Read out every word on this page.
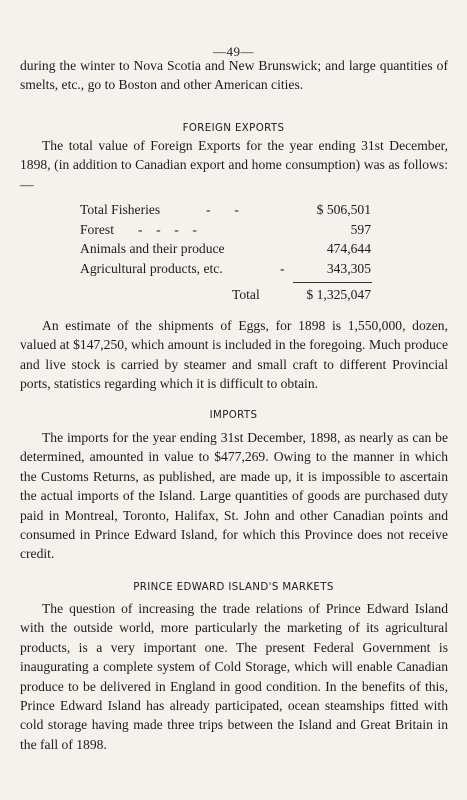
—49—

during the winter to Nova Scotia and New Brunswick; and large quantities of smelts, etc., go to Boston and other American cities.

FOREIGN EXPORTS

The total value of Foreign Exports for the year ending 31st December, 1898, (in addition to Canadian export and home consumption) was as follows:—

Total Fisheries	-       -	$ 506,501
Forest -    -    -    -	597
Animals and their produce	474,644
Agricultural products, etc.	-	343,305
Total	$ 1,325,047

An estimate of the shipments of Eggs, for 1898 is 1,550,000, dozen, valued at $147,250, which amount is included in the foregoing. Much produce and live stock is carried by steamer and small craft to different Provincial ports, statistics regarding which it is difficult to obtain.

IMPORTS

The imports for the year ending 31st December, 1898, as nearly as can be determined, amounted in value to $477,269. Owing to the manner in which the Customs Returns, as published, are made up, it is impossible to ascertain the actual imports of the Island. Large quantities of goods are purchased duty paid in Montreal, Toronto, Halifax, St. John and other Canadian points and consumed in Prince Edward Island, for which this Province does not receive credit.

PRINCE EDWARD ISLAND'S MARKETS

The question of increasing the trade relations of Prince Edward Island with the outside world, more particularly the marketing of its agricultural products, is a very important one. The present Federal Government is inaugurating a complete system of Cold Storage, which will enable Canadian produce to be delivered in England in good condition. In the benefits of this, Prince Edward Island has already participated, ocean steamships fitted with cold storage having made three trips between the Island and Great Britain in the fall of 1898.
